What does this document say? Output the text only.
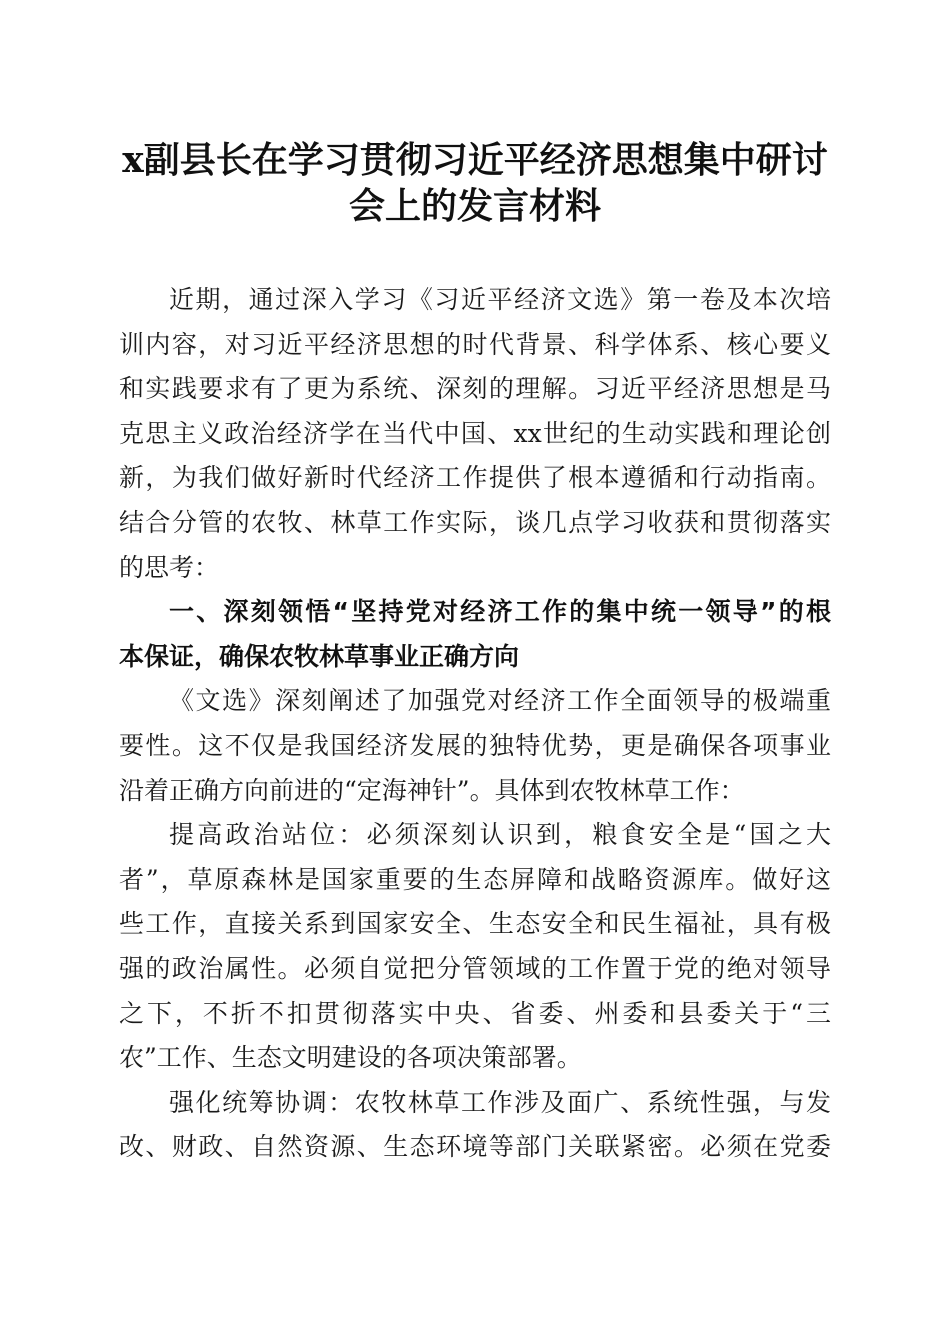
x副县长在学习贯彻习近平经济思想集中研讨
会上的发言材料
近期，通过深入学习《习近平经济文选》第一卷及本次培
训内容，对习近平经济思想的时代背景、科学体系、核心要义
和实践要求有了更为系统、深刻的理解。习近平经济思想是马
克思主义政治经济学在当代中国、xx世纪的生动实践和理论创
新，为我们做好新时代经济工作提供了根本遵循和行动指南。
结合分管的农牧、林草工作实际，谈几点学习收获和贯彻落实
的思考：
一、深刻领悟“坚持党对经济工作的集中统一领导”的根
本保证，确保农牧林草事业正确方向
《文选》深刻阐述了加强党对经济工作全面领导的极端重
要性。这不仅是我国经济发展的独特优势，更是确保各项事业
沿着正确方向前进的“定海神针”。具体到农牧林草工作：
提高政治站位：必须深刻认识到，粮食安全是“国之大
者”，草原森林是国家重要的生态屏障和战略资源库。做好这
些工作，直接关系到国家安全、生态安全和民生福祉，具有极
强的政治属性。必须自觉把分管领域的工作置于党的绝对领导
之下，不折不扣贯彻落实中央、省委、州委和县委关于“三
农”工作、生态文明建设的各项决策部署。
强化统筹协调：农牧林草工作涉及面广、系统性强，与发
改、财政、自然资源、生态环境等部门关联紧密。必须在党委
